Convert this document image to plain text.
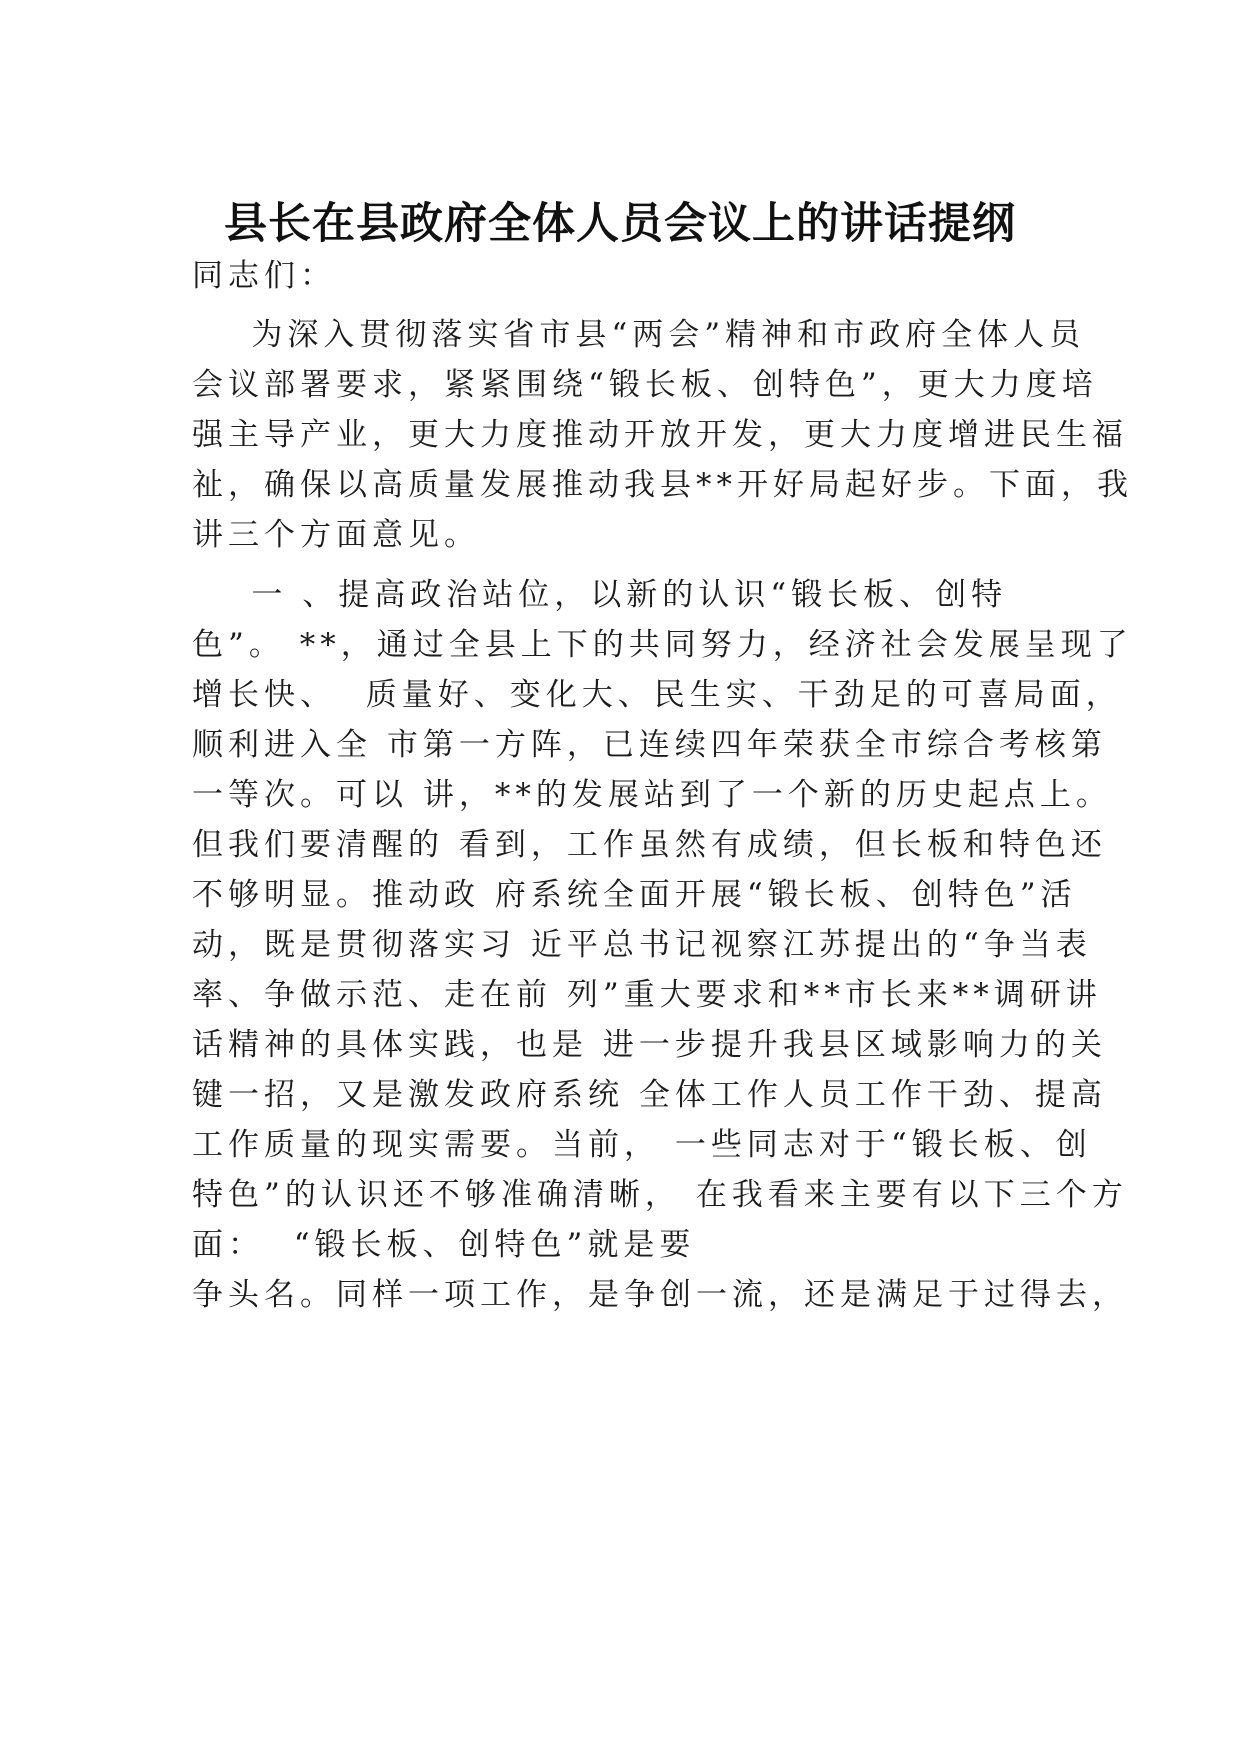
县长在县政府全体人员会议上的讲话提纲
同志们：
为深入贯彻落实省市县“两会”精神和市政府全体人员
会议部署要求，紧紧围绕“锻长板、创特色”，更大力度培
强主导产业，更大力度推动开放开发，更大力度增进民生福
祉，确保以高质量发展推动我县**开好局起好步。下面，我
讲三个方面意见。
一 、提高政治站位，以新的认识“锻长板、创特
色”。 **，通过全县上下的共同努力，经济社会发展呈现了
增长快、  质量好、变化大、民生实、干劲足的可喜局面，
顺利进入全 市第一方阵，已连续四年荣获全市综合考核第
一等次。可以 讲，**的发展站到了一个新的历史起点上。
但我们要清醒的 看到，工作虽然有成绩，但长板和特色还
不够明显。推动政 府系统全面开展“锻长板、创特色”活
动，既是贯彻落实习 近平总书记视察江苏提出的“争当表
率、争做示范、走在前 列”重大要求和**市长来**调研讲
话精神的具体实践，也是 进一步提升我县区域影响力的关
键一招，又是激发政府系统 全体工作人员工作干劲、提高
工作质量的现实需要。当前， 一些同志对于“锻长板、创
特色”的认识还不够准确清晰， 在我看来主要有以下三个方
面：  “锻长板、创特色”就是要
争头名。同样一项工作，是争创一流，还是满足于过得去，
